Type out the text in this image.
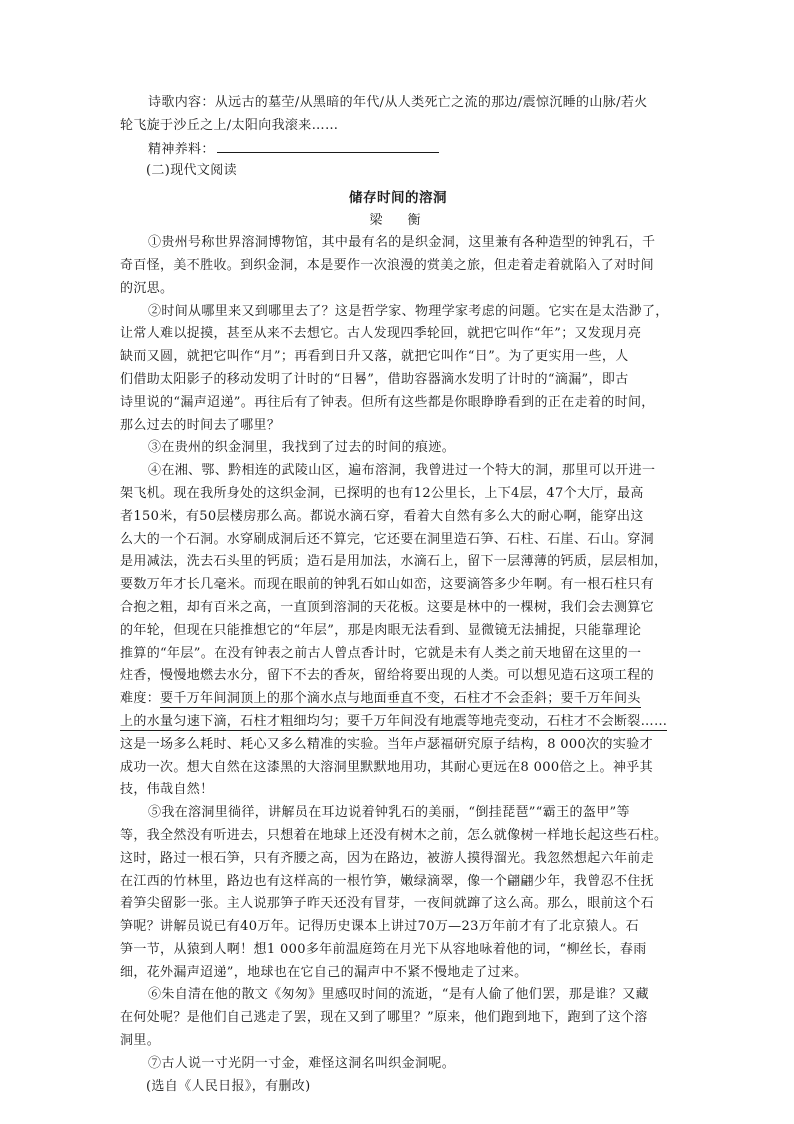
诗歌内容：从远古的墓茔/从黑暗的年代/从人类死亡之流的那边/震惊沉睡的山脉/若火
轮飞旋于沙丘之上/太阳向我滚来……
精神养料：
(二)现代文阅读
储存时间的溶洞
梁　衡
①贵州号称世界溶洞博物馆，其中最有名的是织金洞，这里兼有各种造型的钟乳石，千
奇百怪，美不胜收。到织金洞，本是要作一次浪漫的赏美之旅，但走着走着就陷入了对时间
的沉思。
②时间从哪里来又到哪里去了？这是哲学家、物理学家考虑的问题。它实在是太浩渺了，
让常人难以捉摸，甚至从来不去想它。古人发现四季轮回，就把它叫作“年”；又发现月亮
缺而又圆，就把它叫作“月”；再看到日升又落，就把它叫作“日”。为了更实用一些，人
们借助太阳影子的移动发明了计时的“日晷”，借助容器滴水发明了计时的“滴漏”，即古
诗里说的“漏声迢递”。再往后有了钟表。但所有这些都是你眼睁睁看到的正在走着的时间，
那么过去的时间去了哪里？
③在贵州的织金洞里，我找到了过去的时间的痕迹。
④在湘、鄂、黔相连的武陵山区，遍布溶洞，我曾进过一个特大的洞，那里可以开进一
架飞机。现在我所身处的这织金洞，已探明的也有12公里长，上下4层，47个大厅，最高
者150米，有50层楼房那么高。都说水滴石穿，看着大自然有多么大的耐心啊，能穿出这
么大的一个石洞。水穿刷成洞后还不算完，它还要在洞里造石笋、石柱、石崖、石山。穿洞
是用减法，洗去石头里的钙质；造石是用加法，水滴石上，留下一层薄薄的钙质，层层相加，
要数万年才长几毫米。而现在眼前的钟乳石如山如峦，这要滴答多少年啊。有一根石柱只有
合抱之粗，却有百米之高，一直顶到溶洞的天花板。这要是林中的一棵树，我们会去测算它
的年轮，但现在只能推想它的“年层”，那是肉眼无法看到、显微镜无法捕捉，只能靠理论
推算的“年层”。在没有钟表之前古人曾点香计时，它就是未有人类之前天地留在这里的一
炷香，慢慢地燃去水分，留下不去的香灰，留给将要出现的人类。可以想见造石这项工程的
难度：要千万年间洞顶上的那个滴水点与地面垂直不变，石柱才不会歪斜；要千万年间头
上的水量匀速下滴，石柱才粗细均匀；要千万年间没有地震等地壳变动，石柱才不会断裂……
这是一场多么耗时、耗心又多么精准的实验。当年卢瑟福研究原子结构，8 000次的实验才
成功一次。想大自然在这漆黑的大溶洞里默默地用功，其耐心更远在8 000倍之上。神乎其
技，伟哉自然！
⑤我在溶洞里徜徉，讲解员在耳边说着钟乳石的美丽，“倒挂琵琶”“霸王的盔甲”等
等，我全然没有听进去，只想着在地球上还没有树木之前，怎么就像树一样地长起这些石柱。
这时，路过一根石笋，只有齐腰之高，因为在路边，被游人摸得溜光。我忽然想起六年前走
在江西的竹林里，路边也有这样高的一根竹笋，嫩绿滴翠，像一个翩翩少年，我曾忍不住抚
着笋尖留影一张。主人说那笋子昨天还没有冒芽，一夜间就蹿了这么高。那么，眼前这个石
笋呢？讲解员说已有40万年。记得历史课本上讲过70万—23万年前才有了北京猿人。石
笋一节，从猿到人啊！想1 000多年前温庭筠在月光下从容地咏着他的词，“柳丝长，春雨
细，花外漏声迢递”，地球也在它自己的漏声中不紧不慢地走了过来。
⑥朱自清在他的散文《匆匆》里感叹时间的流逝，“是有人偷了他们罢，那是谁？又藏
在何处呢？是他们自己逃走了罢，现在又到了哪里？”原来，他们跑到地下，跑到了这个溶
洞里。
⑦古人说一寸光阴一寸金，难怪这洞名叫织金洞呢。
(选自《人民日报》，有删改)
